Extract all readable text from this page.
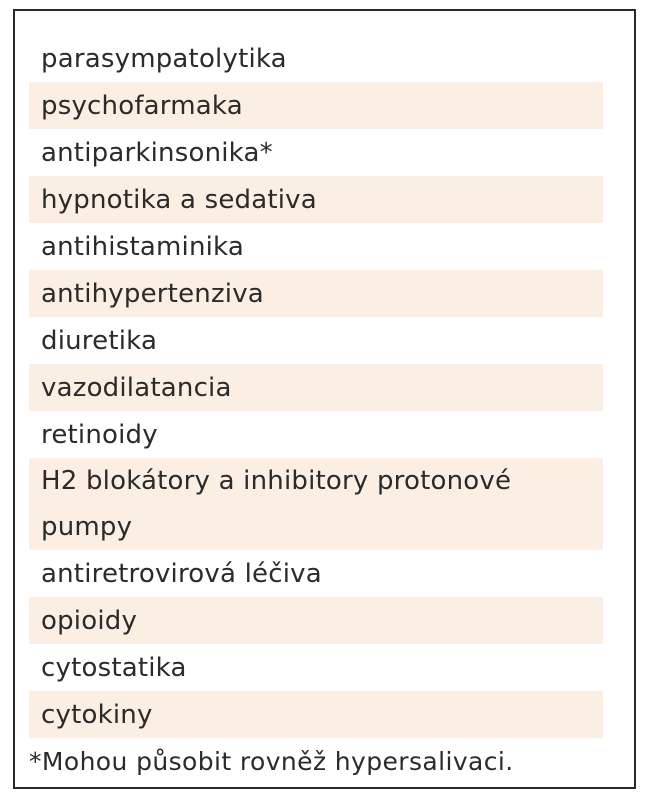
parasympatolytika
psychofarmaka
antiparkinsonika*
hypnotika a sedativa
antihistaminika
antihypertenziva
diuretika
vazodilatancia
retinoidy
H2 blokátory a inhibitory protonové pumpy
antiretrovirová léčiva
opioidy
cytostatika
cytokiny
*Mohou působit rovněž hypersalivaci.
